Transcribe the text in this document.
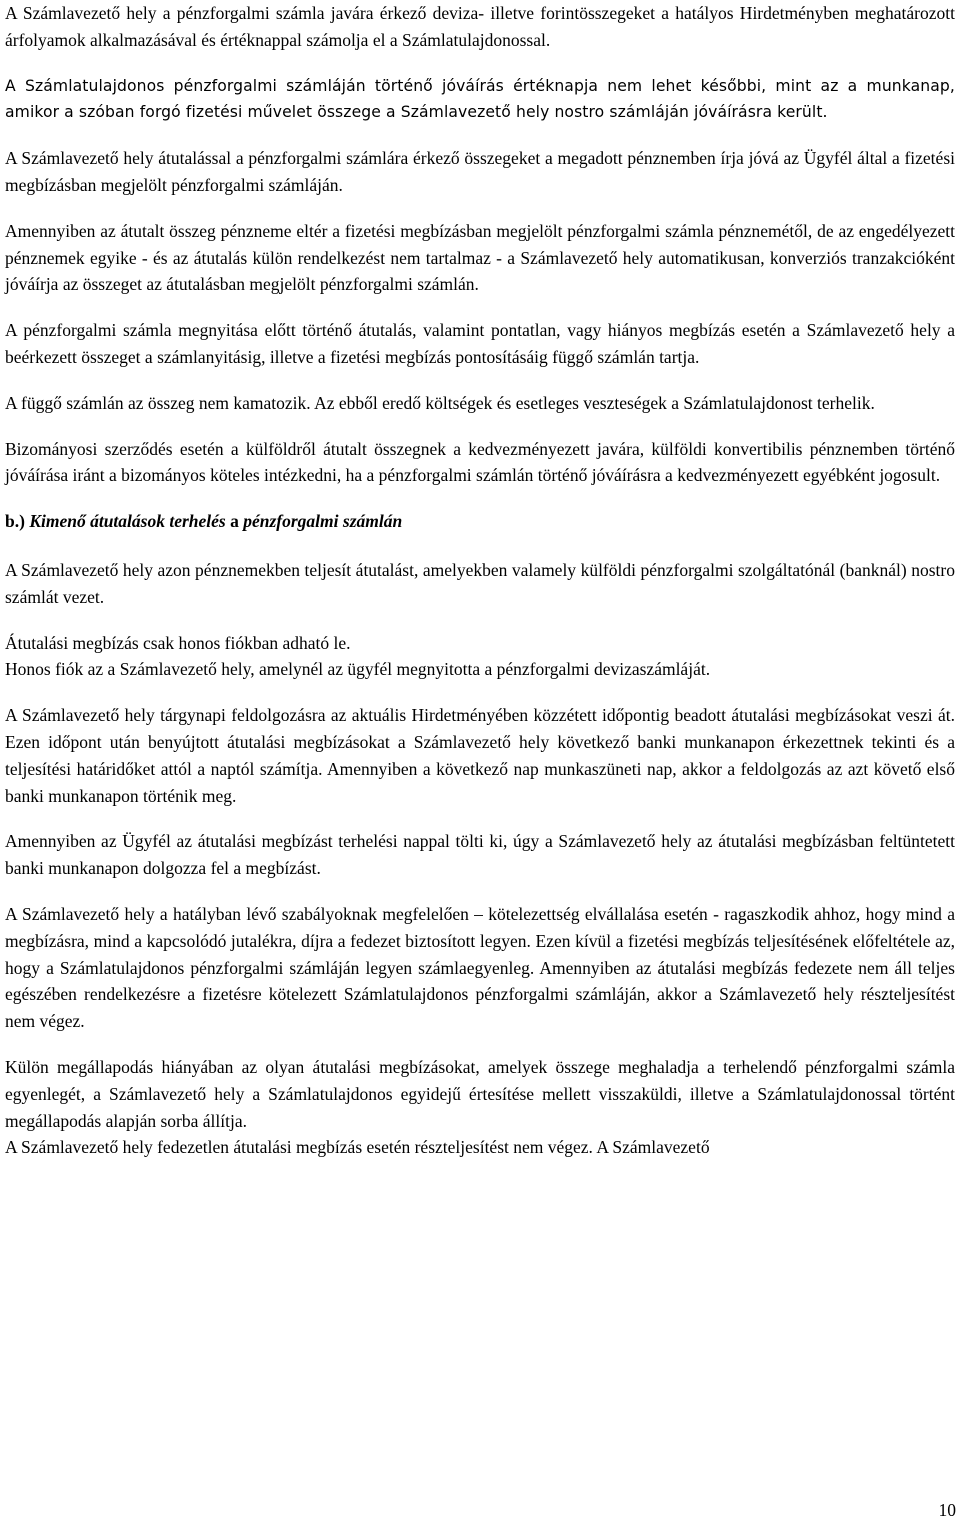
A Számlavezető hely a pénzforgalmi számla javára érkező deviza- illetve forintösszegeket a hatályos Hirdetményben meghatározott árfolyamok alkalmazásával és értéknappal számolja el a Számlatulajdonossal.

A Számlatulajdonos pénzforgalmi számláján történő jóváírás értéknapja nem lehet későbbi, mint az a munkanap, amikor a szóban forgó fizetési művelet összege a Számlavezető hely nostro számláján jóváírásra került.

A Számlavezető hely átutalással a pénzforgalmi számlára érkező összegeket a megadott pénznemben írja jóvá az Ügyfél által a fizetési megbízásban megjelölt pénzforgalmi számláján.

Amennyiben az átutalt összeg pénzneme eltér a fizetési megbízásban megjelölt pénzforgalmi számla pénznemétől, de az engedélyezett pénznemek egyike - és az átutalás külön rendelkezést nem tartalmaz - a Számlavezető hely automatikusan, konverziós tranzakcióként jóváírja az összeget az átutalásban megjelölt pénzforgalmi számlán.

A pénzforgalmi számla megnyitása előtt történő átutalás, valamint pontatlan, vagy hiányos megbízás esetén a Számlavezető hely a beérkezett összeget a számlanyitásig, illetve a fizetési megbízás pontosításáig függő számlán tartja.

A függő számlán az összeg nem kamatozik. Az ebből eredő költségek és esetleges veszteségek a Számlatulajdonost terhelik.

Bizományosi szerződés esetén a külföldről átutalt összegnek a kedvezményezett javára, külföldi konvertibilis pénznemben történő jóváírása iránt a bizományos köteles intézkedni, ha a pénzforgalmi számlán történő jóváírásra a kedvezményezett egyébként jogosult.

b.) Kimenő átutalások terhelés a pénzforgalmi számlán

A Számlavezető hely azon pénznemekben teljesít átutalást, amelyekben valamely külföldi pénzforgalmi szolgáltatónál (banknál) nostro számlát vezet.

Átutalási megbízás csak honos fiókban adható le.

Honos fiók az a Számlavezető hely, amelynél az ügyfél megnyitotta a pénzforgalmi devizaszámláját.

A Számlavezető hely tárgynapi feldolgozásra az aktuális Hirdetményében közzétett időpontig beadott átutalási megbízásokat veszi át. Ezen időpont után benyújtott átutalási megbízásokat a Számlavezető hely következő banki munkanapon érkezettnek tekinti és a teljesítési határidőket attól a naptól számítja. Amennyiben a következő nap munkaszüneti nap, akkor a feldolgozás az azt követő első banki munkanapon történik meg.

Amennyiben az Ügyfél az átutalási megbízást terhelési nappal tölti ki, úgy a Számlavezető hely az átutalási megbízásban feltüntetett banki munkanapon dolgozza fel a megbízást.

A Számlavezető hely a hatályban lévő szabályoknak megfelelően – kötelezettség elvállalása esetén - ragaszkodik ahhoz, hogy mind a megbízásra, mind a kapcsolódó jutalékra, díjra a fedezet biztosított legyen. Ezen kívül a fizetési megbízás teljesítésének előfeltétele az, hogy a Számlatulajdonos pénzforgalmi számláján legyen számlaegyenleg. Amennyiben az átutalási megbízás fedezete nem áll teljes egészében rendelkezésre a fizetésre kötelezett Számlatulajdonos pénzforgalmi számláján, akkor a Számlavezető hely részteljesítést nem végez.

Külön megállapodás hiányában az olyan átutalási megbízásokat, amelyek összege meghaladja a terhelendő pénzforgalmi számla egyenlegét, a Számlavezető hely a Számlatulajdonos egyidejű értesítése mellett visszaküldi, illetve a Számlatulajdonossal történt megállapodás alapján sorba állítja.

A Számlavezető hely fedezetlen átutalási megbízás esetén részteljesítést nem végez. A Számlavezető

10
